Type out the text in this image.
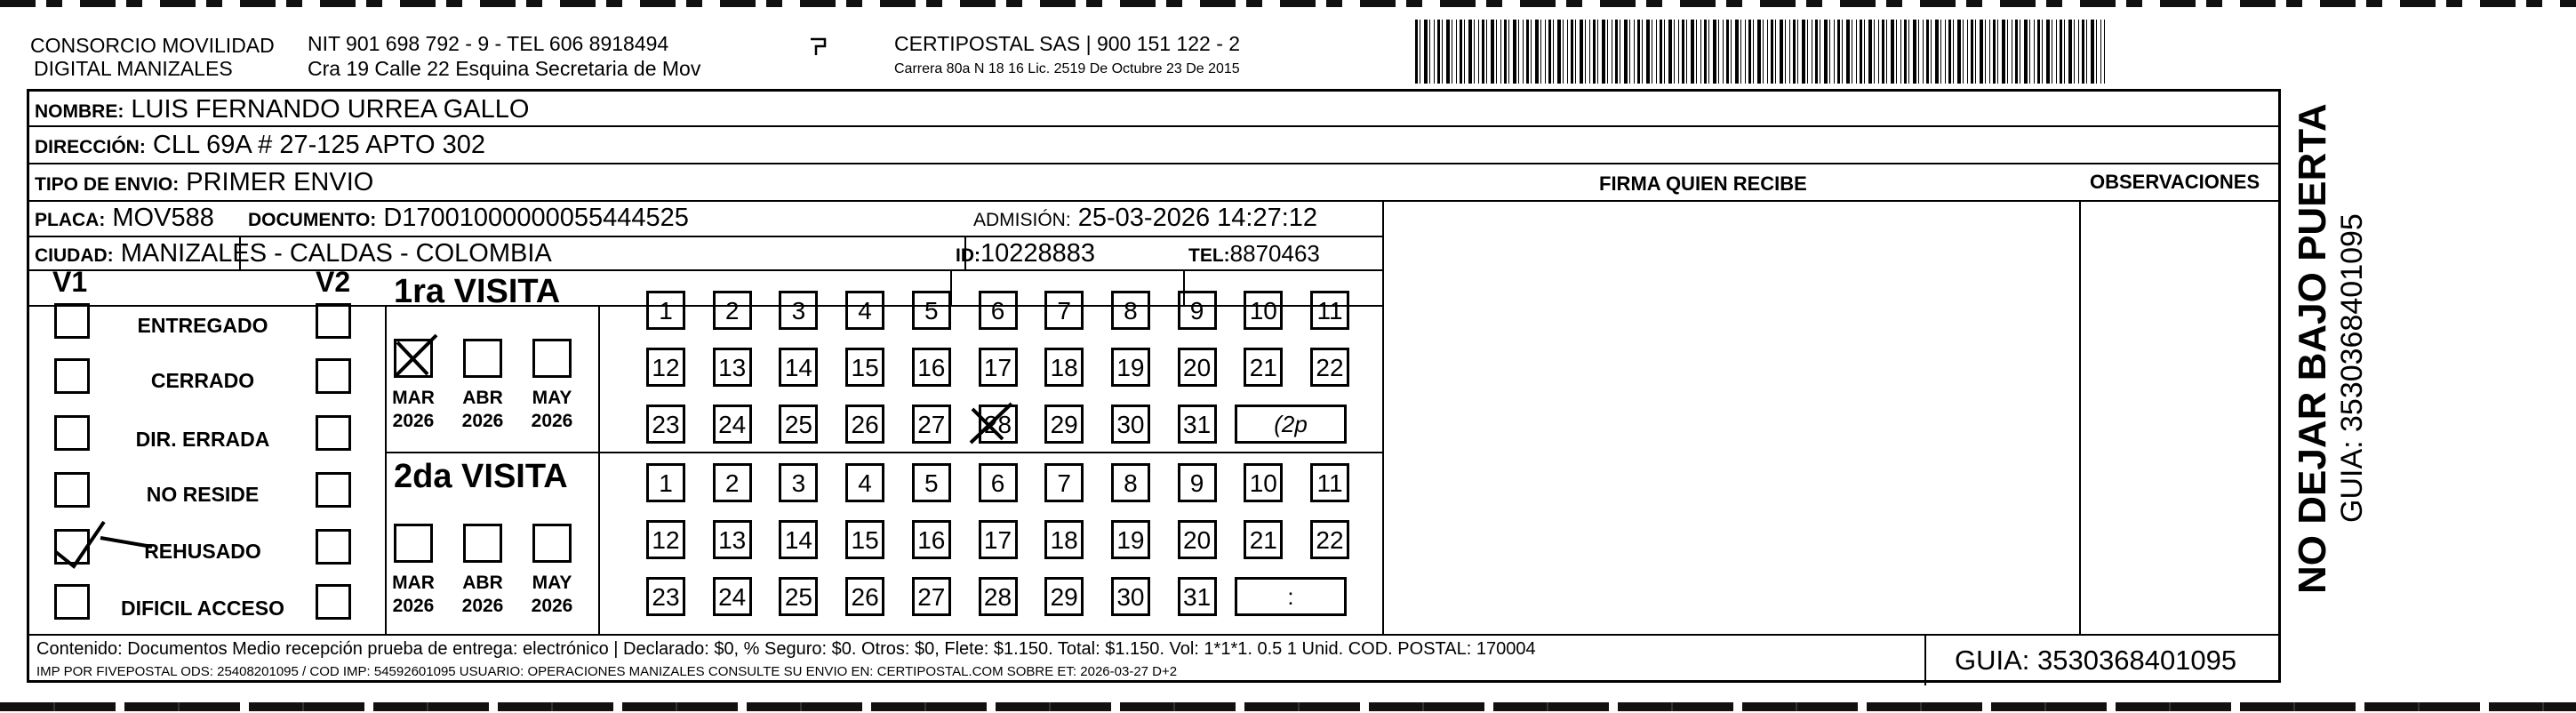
CONSORCIO MOVILIDAD
DIGITAL MANIZALES
NIT 901 698 792 - 9 - TEL 606 8918494
Cra 19 Calle 22 Esquina Secretaria de Mov
CERTIPOSTAL SAS | 900 151 122 - 2
Carrera 80a N 18 16 Lic. 2519 De Octubre 23 De 2015
NOMBRE: LUIS FERNANDO URREA GALLO
DIRECCIÓN: CLL 69A # 27-125 APTO 302
TIPO DE ENVIO: PRIMER ENVIO	FIRMA QUIEN RECIBE	OBSERVACIONES
PLACA: MOV588 DOCUMENTO: D17001000000055444525	ADMISIÓN: 25-03-2026 14:27:12
CIUDAD: MANIZALES - CALDAS - COLOMBIA	ID:10228883	TEL:8870463
V1	V2
ENTREGADO
CERRADO
DIR. ERRADA
NO RESIDE
REHUSADO
DIFICIL ACCESO
1ra VISITA
MAR
2026
ABR
2026
MAY
2026
1	2	3	4	5	6	7	8	9	10 11
12 13 14 15 16 17 18 19 20 21 22
23 24 25 26 27 28 29 30 31	(2p
2da VISITA
MAR
2026
ABR
2026
MAY
2026
1	2	3	4	5	6	7	8	9	10 11
12 13 14 15 16 17 18 19 20 21 22
23 24 25 26 27 28 29 30 31	:
Contenido: Documentos Medio recepción prueba de entrega: electrónico | Declarado: $0, % Seguro: $0. Otros: $0, Flete: $1.150. Total: $1.150. Vol: 1*1*1. 0.5 1 Unid. COD. POSTAL: 170004
IMP POR FIVEPOSTAL ODS: 25408201095 / COD IMP: 54592601095 USUARIO: OPERACIONES MANIZALES CONSULTE SU ENVIO EN: CERTIPOSTAL.COM SOBRE ET: 2026-03-27 D+2	GUIA: 3530368401095
NO DEJAR BAJO PUERTA GUIA: 3530368401095
